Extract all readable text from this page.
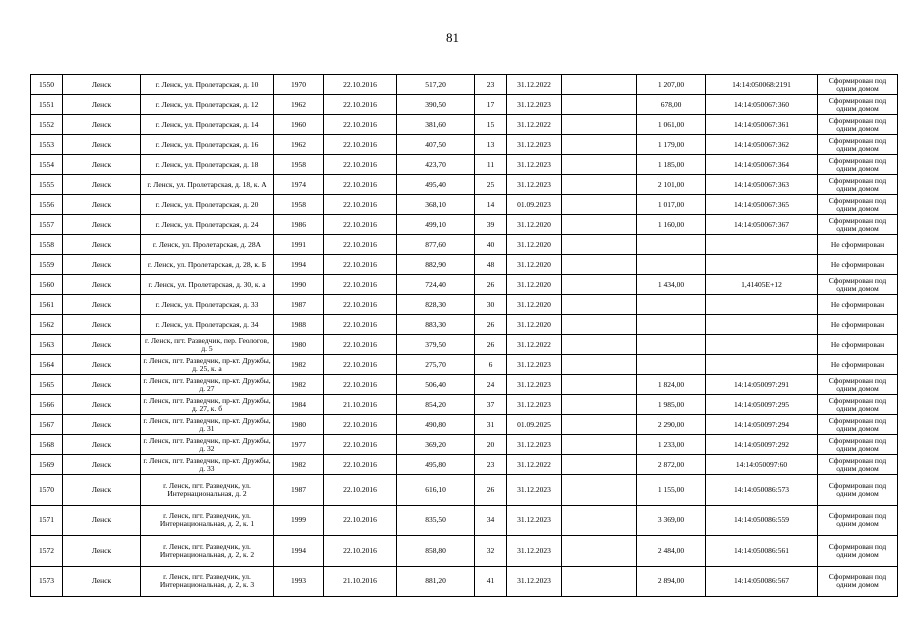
81
1550	Ленск	г. Ленск, ул. Пролетарская, д. 10	1970	22.10.2016	517,20	23	31.12.2022		1 207,00	14:14:050068:2191	Сформирован под одним домом
1551	Ленск	г. Ленск, ул. Пролетарская, д. 12	1962	22.10.2016	390,50	17	31.12.2023		678,00	14:14:050067:360	Сформирован под одним домом
1552	Ленск	г. Ленск, ул. Пролетарская, д. 14	1960	22.10.2016	381,60	15	31.12.2022		1 061,00	14:14:050067:361	Сформирован под одним домом
1553	Ленск	г. Ленск, ул. Пролетарская, д. 16	1962	22.10.2016	407,50	13	31.12.2023		1 179,00	14:14:050067:362	Сформирован под одним домом
1554	Ленск	г. Ленск, ул. Пролетарская, д. 18	1958	22.10.2016	423,70	11	31.12.2023		1 185,00	14:14:050067:364	Сформирован под одним домом
1555	Ленск	г. Ленск, ул. Пролетарская, д. 18, к. А	1974	22.10.2016	495,40	25	31.12.2023		2 101,00	14:14:050067:363	Сформирован под одним домом
1556	Ленск	г. Ленск, ул. Пролетарская, д. 20	1958	22.10.2016	368,10	14	01.09.2023		1 017,00	14:14:050067:365	Сформирован под одним домом
1557	Ленск	г. Ленск, ул. Пролетарская, д. 24	1986	22.10.2016	499,10	39	31.12.2020		1 160,00	14:14:050067:367	Сформирован под одним домом
1558	Ленск	г. Ленск, ул. Пролетарская, д. 28А	1991	22.10.2016	877,60	40	31.12.2020				Не сформирован
1559	Ленск	г. Ленск, ул. Пролетарская, д. 28, к. Б	1994	22.10.2016	882,90	48	31.12.2020				Не сформирован
1560	Ленск	г. Ленск, ул. Пролетарская, д. 30, к. а	1990	22.10.2016	724,40	26	31.12.2020		1 434,00	1,41405E+12	Сформирован под одним домом
1561	Ленск	г. Ленск, ул. Пролетарская, д. 33	1987	22.10.2016	828,30	30	31.12.2020				Не сформирован
1562	Ленск	г. Ленск, ул. Пролетарская, д. 34	1988	22.10.2016	883,30	26	31.12.2020				Не сформирован
1563	Ленск	г. Ленск, пгт. Разведчик, пер. Геологов, д. 5	1980	22.10.2016	379,50	26	31.12.2022				Не сформирован
1564	Ленск	г. Ленск, пгт. Разведчик, пр-кт. Дружбы, д. 25, к. а	1982	22.10.2016	275,70	6	31.12.2023				Не сформирован
1565	Ленск	г. Ленск, пгт. Разведчик, пр-кт. Дружбы, д. 27	1982	22.10.2016	506,40	24	31.12.2023		1 824,00	14:14:050097:291	Сформирован под одним домом
1566	Ленск	г. Ленск, пгт. Разведчик, пр-кт. Дружбы, д. 27, к. б	1984	21.10.2016	854,20	37	31.12.2023		1 985,00	14:14:050097:295	Сформирован под одним домом
1567	Ленск	г. Ленск, пгт. Разведчик, пр-кт. Дружбы, д. 31	1980	22.10.2016	490,80	31	01.09.2025		2 290,00	14:14:050097:294	Сформирован под одним домом
1568	Ленск	г. Ленск, пгт. Разведчик, пр-кт. Дружбы, д. 32	1977	22.10.2016	369,20	20	31.12.2023		1 233,00	14:14:050097:292	Сформирован под одним домом
1569	Ленск	г. Ленск, пгт. Разведчик, пр-кт. Дружбы, д. 33	1982	22.10.2016	495,80	23	31.12.2022		2 872,00	14:14:050097:60	Сформирован под одним домом
1570	Ленск	г. Ленск, пгт. Разведчик, ул. Интернациональная, д. 2	1987	22.10.2016	616,10	26	31.12.2023		1 155,00	14:14:050086:573	Сформирован под одним домом
1571	Ленск	г. Ленск, пгт. Разведчик, ул. Интернациональная, д. 2, к. 1	1999	22.10.2016	835,50	34	31.12.2023		3 369,00	14:14:050086:559	Сформирован под одним домом
1572	Ленск	г. Ленск, пгт. Разведчик, ул. Интернациональная, д. 2, к. 2	1994	22.10.2016	858,80	32	31.12.2023		2 484,00	14:14:050086:561	Сформирован под одним домом
1573	Ленск	г. Ленск, пгт. Разведчик, ул. Интернациональная, д. 2, к. 3	1993	21.10.2016	881,20	41	31.12.2023		2 894,00	14:14:050086:567	Сформирован под одним домом
